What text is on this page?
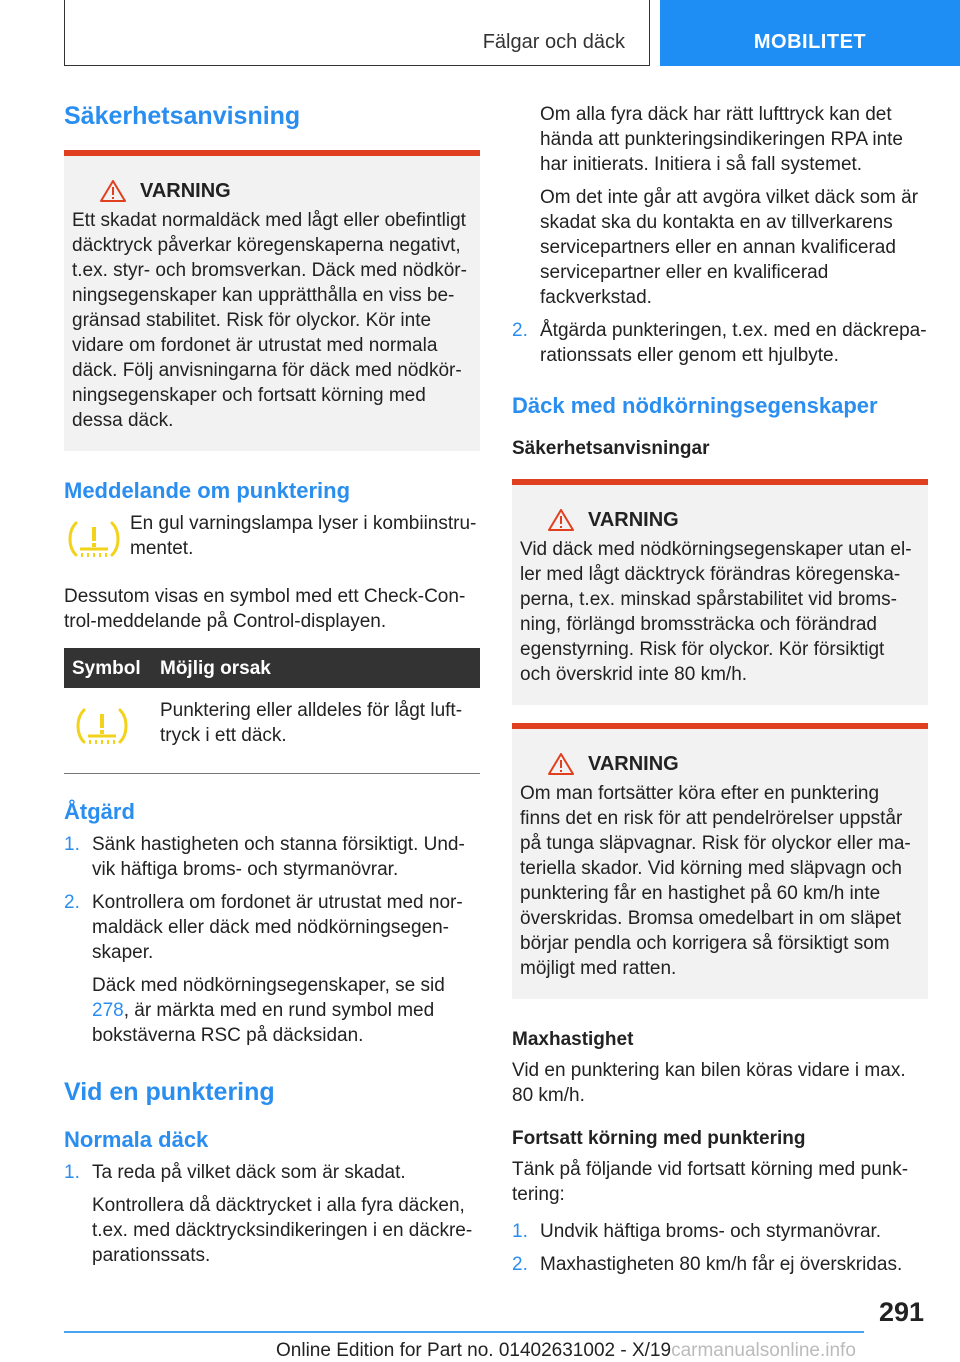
Fälgar och däck	MOBILITET
Säkerhetsanvisning
VARNING
Ett skadat normaldäck med lågt eller obefintligt däcktryck påverkar köregenskaperna negativt, t.ex. styr- och bromsverkan. Däck med nödkörningsegenskaper kan upprätthålla en viss begränsad stabilitet. Risk för olyckor. Kör inte vidare om fordonet är utrustat med normala däck. Följ anvisningarna för däck med nödkörningsegenskaper och fortsatt körning med dessa däck.
Meddelande om punktering
En gul varningslampa lyser i kombiinstrumentet.

Dessutom visas en symbol med ett Check-Control-meddelande på Control-displayen.

Symbol	Möjlig orsak
	Punktering eller alldeles för lågt lufttryck i ett däck.
Åtgärd
1. Sänk hastigheten och stanna försiktigt. Undvik häftiga broms- och styrmanövrar.
2. Kontrollera om fordonet är utrustat med normaldäck eller däck med nödkörningsegenskaper.
Däck med nödkörningsegenskaper, se sid 278, är märkta med en rund symbol med bokstäverna RSC på däcksidan.
Vid en punktering
Normala däck
1. Ta reda på vilket däck som är skadat.
Kontrollera då däcktrycket i alla fyra däcken, t.ex. med däcktrycksindikeringen i en däckreparationssats.
Om alla fyra däck har rätt lufttryck kan det hända att punkteringsindikeringen RPA inte har initierats. Initiera i så fall systemet.
Om det inte går att avgöra vilket däck som är skadat ska du kontakta en av tillverkarens servicepartners eller en annan kvalificerad servicepartner eller en kvalificerad fackverkstad.
2. Åtgärda punkteringen, t.ex. med en däckreparationssats eller genom ett hjulbyte.
Däck med nödkörningsegenskaper
Säkerhetsanvisningar
VARNING
Vid däck med nödkörningsegenskaper utan eller med lågt däcktryck förändras köregenskaperna, t.ex. minskad spårstabilitet vid bromsning, förlängd bromssträcka och förändrad egenstyrning. Risk för olyckor. Kör försiktigt och överskrid inte 80 km/h.
VARNING
Om man fortsätter köra efter en punktering finns det en risk för att pendelrörelser uppstår på tunga släpvagnar. Risk för olyckor eller materiella skador. Vid körning med släpvagn och punktering får en hastighet på 60 km/h inte överskridas. Bromsa omedelbart in om släpet börjar pendla och korrigera så försiktigt som möjligt med ratten.
Maxhastighet

Vid en punktering kan bilen köras vidare i max. 80 km/h.

Fortsatt körning med punktering

Tänk på följande vid fortsatt körning med punktering:

1. Undvik häftiga broms- och styrmanövrar.
2. Maxhastigheten 80 km/h får ej överskridas.
291
Online Edition for Part no. 01402631002 - X/19carmanualsonline.info
